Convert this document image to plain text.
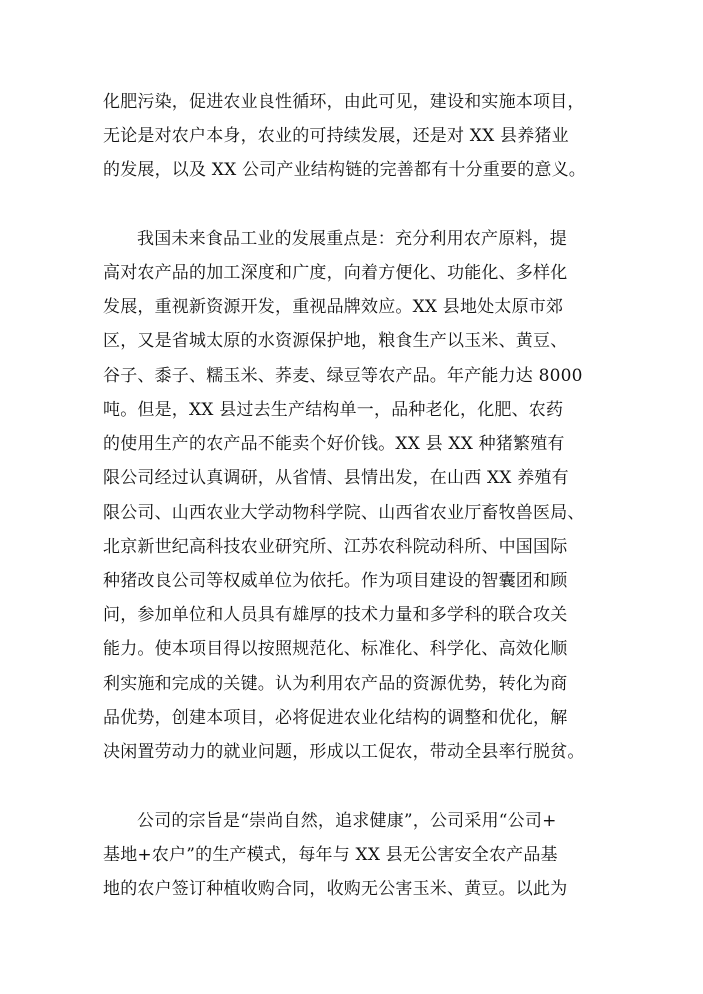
化肥污染，促进农业良性循环，由此可见，建设和实施本项目，
无论是对农户本身，农业的可持续发展，还是对 XX 县养猪业
的发展，以及 XX 公司产业结构链的完善都有十分重要的意义。
我国未来食品工业的发展重点是：充分利用农产原料，提
高对农产品的加工深度和广度，向着方便化、功能化、多样化
发展，重视新资源开发，重视品牌效应。XX 县地处太原市郊
区，又是省城太原的水资源保护地，粮食生产以玉米、黄豆、
谷子、黍子、糯玉米、荞麦、绿豆等农产品。年产能力达 8000
吨。但是，XX 县过去生产结构单一，品种老化，化肥、农药
的使用生产的农产品不能卖个好价钱。XX 县 XX 种猪繁殖有
限公司经过认真调研，从省情、县情出发，在山西 XX 养殖有
限公司、山西农业大学动物科学院、山西省农业厅畜牧兽医局、
北京新世纪高科技农业研究所、江苏农科院动科所、中国国际
种猪改良公司等权威单位为依托。作为项目建设的智囊团和顾
问，参加单位和人员具有雄厚的技术力量和多学科的联合攻关
能力。使本项目得以按照规范化、标准化、科学化、高效化顺
利实施和完成的关键。认为利用农产品的资源优势，转化为商
品优势，创建本项目，必将促进农业化结构的调整和优化，解
决闲置劳动力的就业问题，形成以工促农，带动全县率行脱贫。
公司的宗旨是“崇尚自然，追求健康”，公司采用“公司+
基地+农户”的生产模式，每年与 XX 县无公害安全农产品基
地的农户签订种植收购合同，收购无公害玉米、黄豆。以此为
